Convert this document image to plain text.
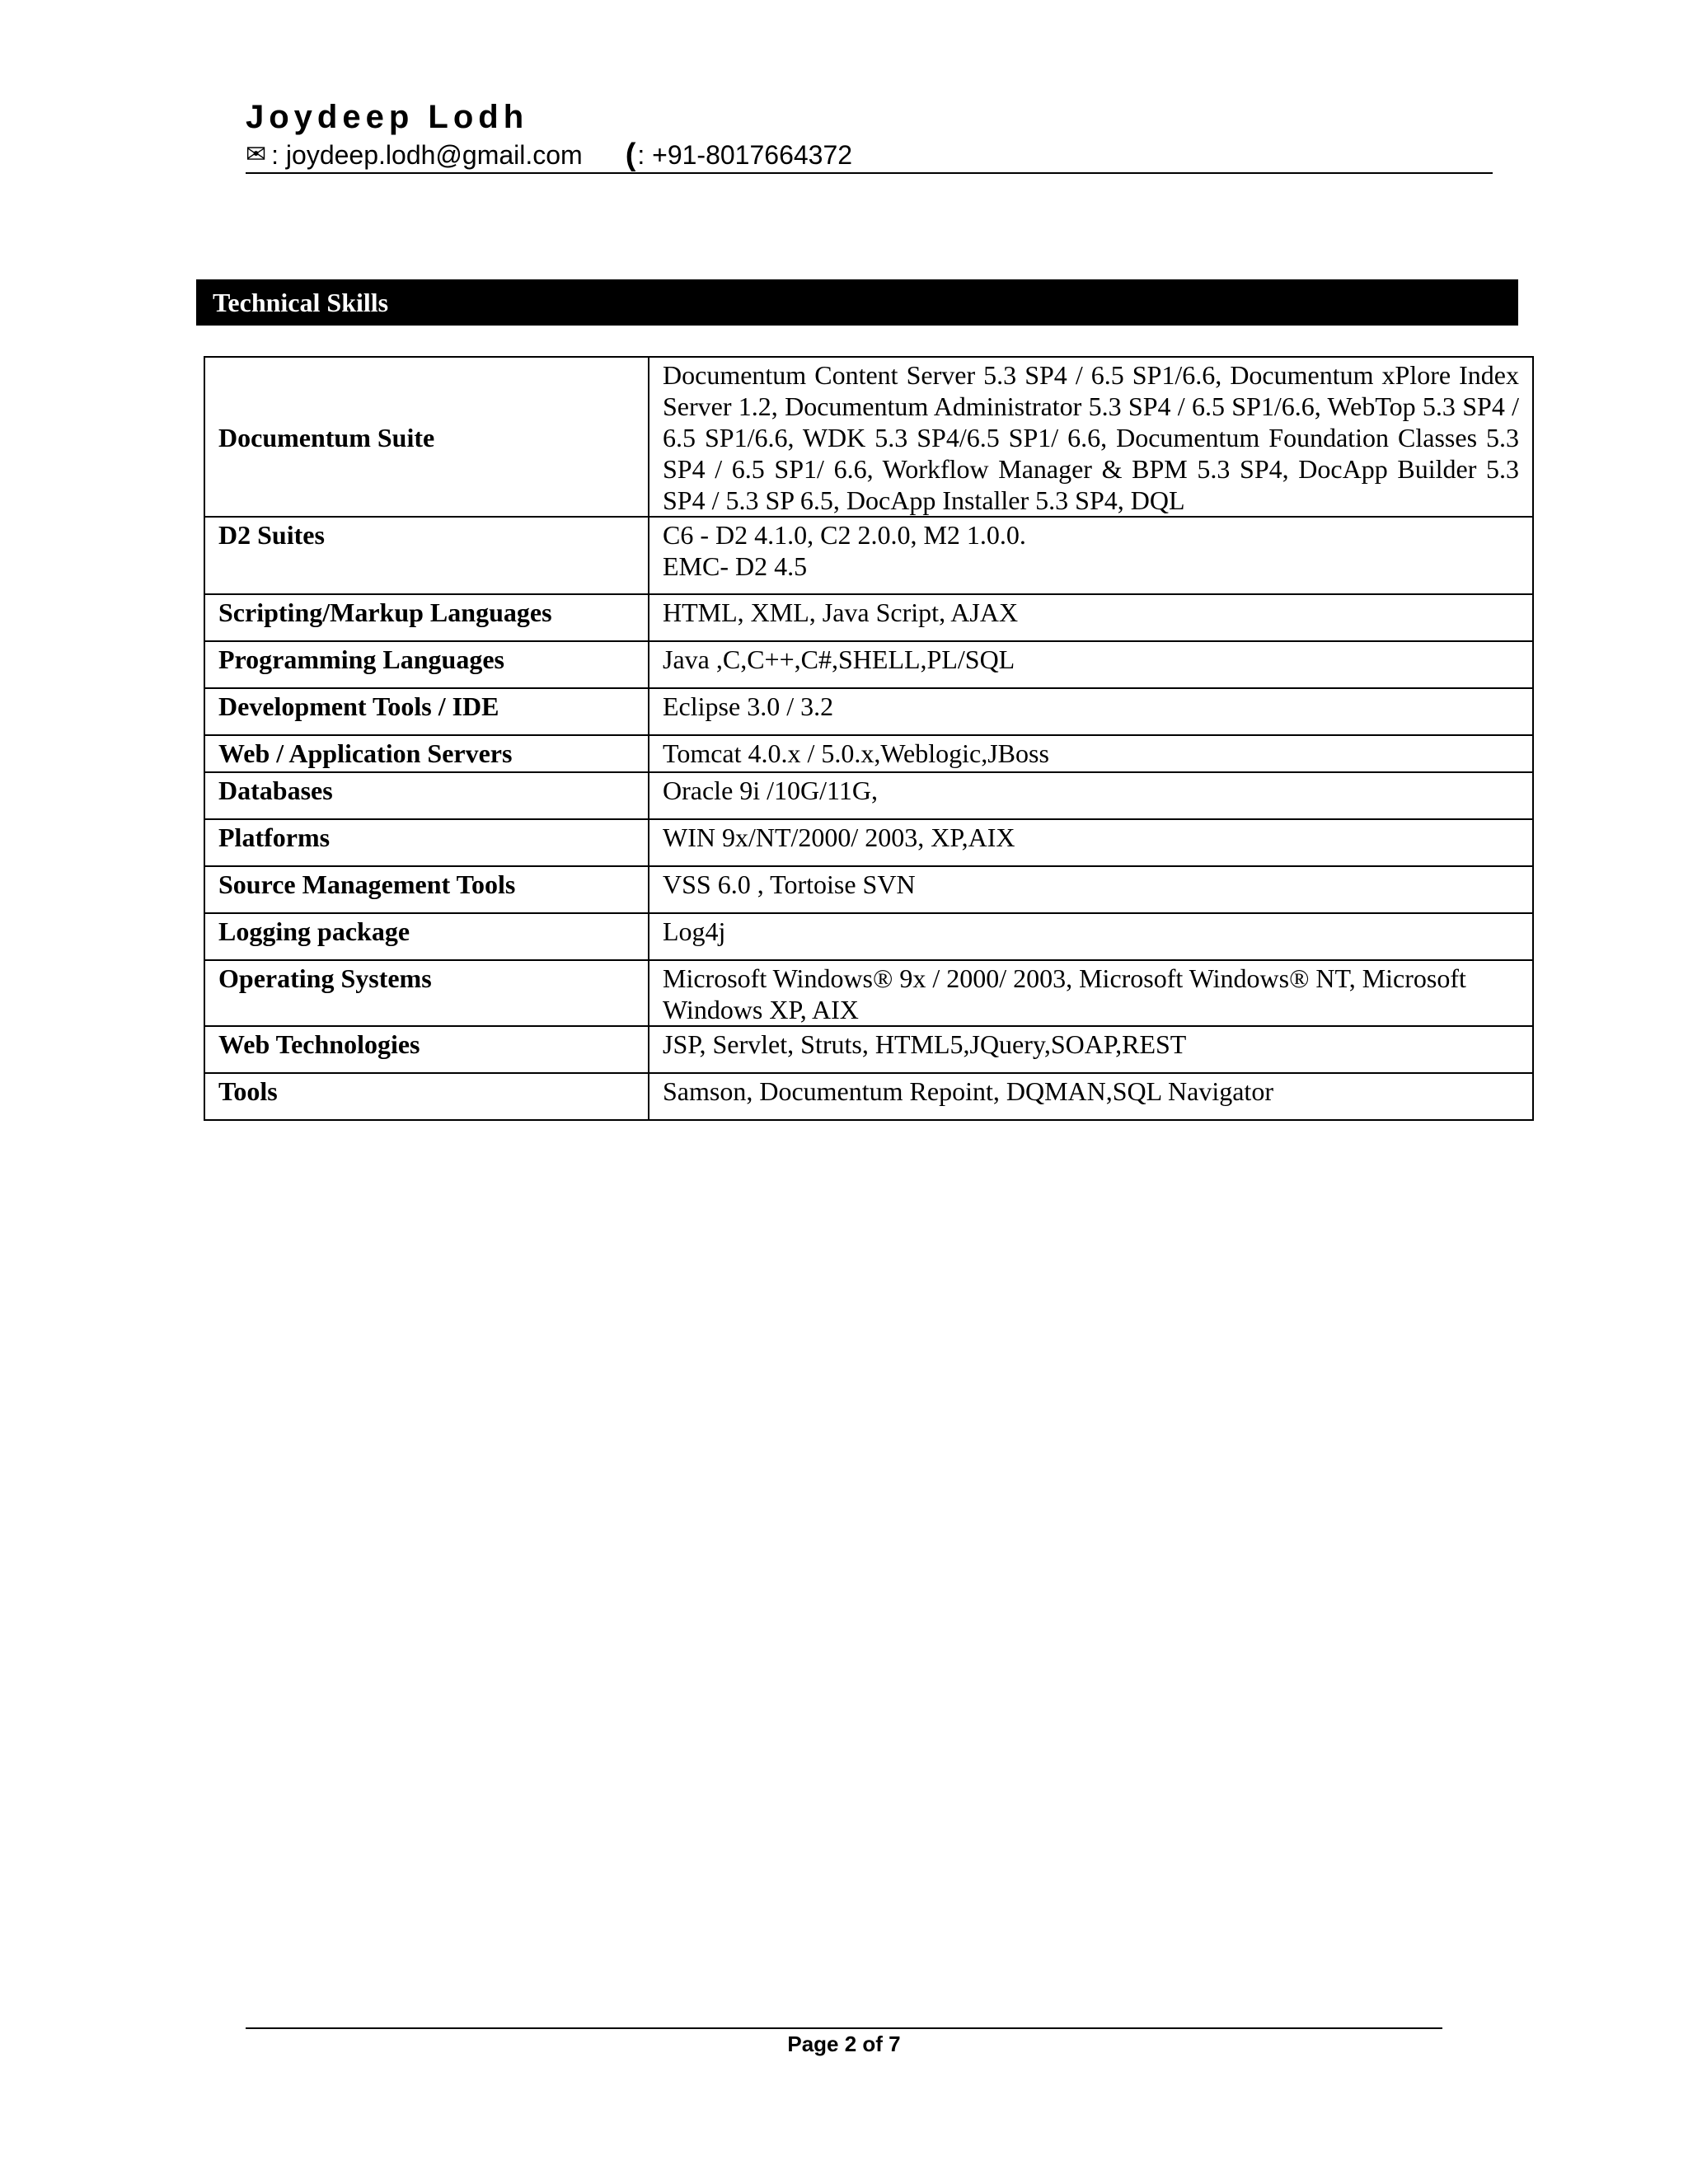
Joydeep Lodh
✉ : joydeep.lodh@gmail.com ( : +91-8017664372
Technical Skills
Documentum Suite	Documentum Content Server 5.3 SP4 / 6.5 SP1/6.6, Documentum xPlore Index Server 1.2, Documentum Administrator 5.3 SP4 / 6.5 SP1/6.6, WebTop 5.3 SP4 / 6.5 SP1/6.6, WDK 5.3 SP4/6.5 SP1/ 6.6, Documentum Foundation Classes 5.3 SP4 / 6.5 SP1/ 6.6, Workflow Manager & BPM 5.3 SP4, DocApp Builder 5.3 SP4 / 5.3 SP 6.5, DocApp Installer 5.3 SP4, DQL
D2 Suites	C6 - D2 4.1.0, C2 2.0.0, M2 1.0.0.
EMC- D2 4.5

Scripting/Markup Languages	HTML, XML, Java Script, AJAX
Programming Languages	Java ,C,C++,C#,SHELL,PL/SQL
Development Tools / IDE	Eclipse 3.0 / 3.2
Web / Application Servers	Tomcat 4.0.x / 5.0.x,Weblogic,JBoss
Databases	Oracle 9i /10G/11G,
Platforms	WIN 9x/NT/2000/ 2003, XP,AIX
Source Management Tools	VSS 6.0 , Tortoise SVN
Logging package	Log4j
Operating Systems	Microsoft Windows® 9x / 2000/ 2003, Microsoft Windows® NT, Microsoft Windows XP, AIX
Web Technologies	JSP, Servlet, Struts, HTML5,JQuery,SOAP,REST
Tools	Samson, Documentum Repoint, DQMAN,SQL Navigator
Page 2 of 7
